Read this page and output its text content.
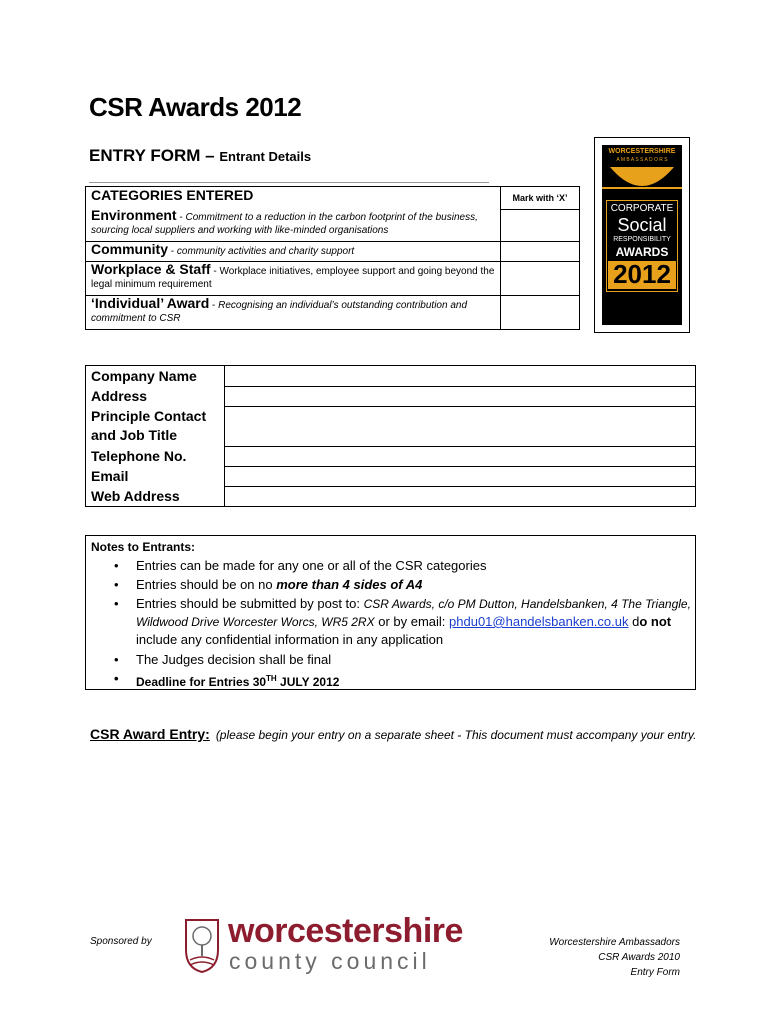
CSR Awards 2012
ENTRY FORM – Entrant Details
CATEGORIES ENTERED	Mark with ‘X’
Environment - Commitment to a reduction in the carbon footprint of the business, sourcing local suppliers and working with like-minded organisations
Community - community activities and charity support
Workplace & Staff - Workplace initiatives, employee support and going beyond the legal minimum requirement
‘Individual’ Award - Recognising an individual’s outstanding contribution and commitment to CSR
WORCESTERSHIRE
A M B A S S A D O R S
CORPORATE
Social
RESPONSIBILITY
AWARDS
2012
Company Name
Address
Principle Contact
and Job Title
Telephone No.
Email
Web Address
Notes to Entrants:
• Entries can be made for any one or all of the CSR categories
• Entries should be on no more than 4 sides of A4
• Entries should be submitted by post to: CSR Awards, c/o PM Dutton, Handelsbanken, 4 The Triangle, Wildwood Drive Worcester Worcs, WR5 2RX or by email: phdu01@handelsbanken.co.uk do not include any confidential information in any application
• The Judges decision shall be final
• Deadline for Entries 30TH JULY 2012
CSR Award Entry: (please begin your entry on a separate sheet - This document must accompany your entry.
Sponsored by worcestershire
county council
Worcestershire Ambassadors
CSR Awards 2010
Entry Form
